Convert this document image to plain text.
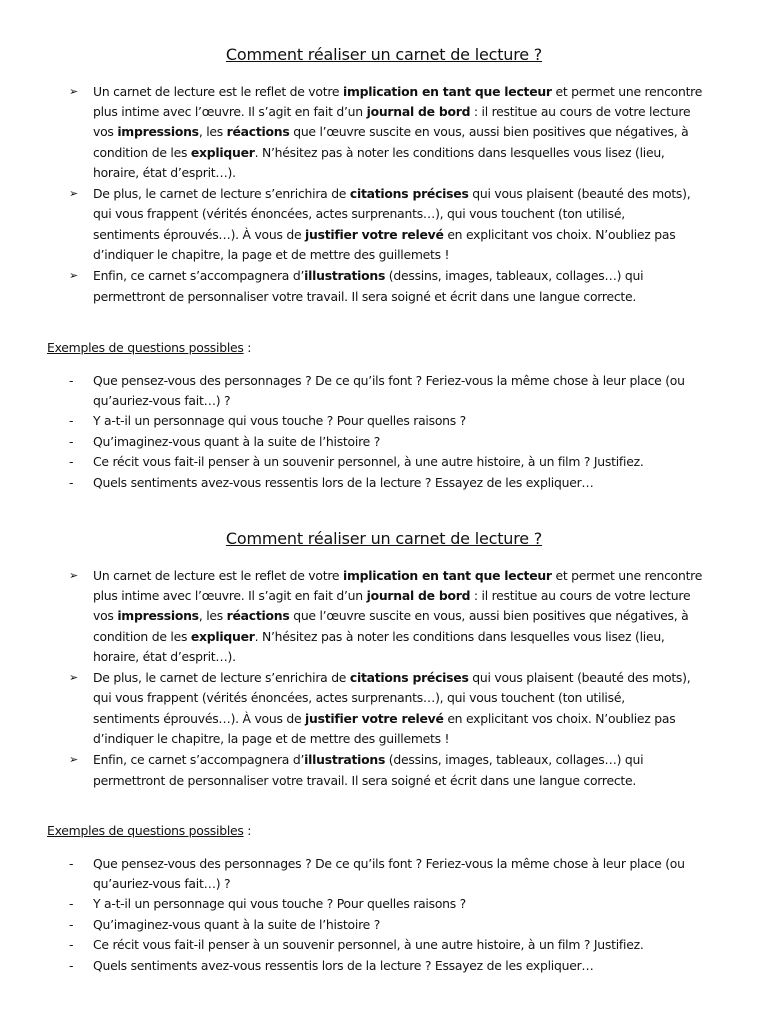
Comment réaliser un carnet de lecture ?
➢ Un carnet de lecture est le reflet de votre implication en tant que lecteur et permet une rencontre
plus intime avec l’œuvre. Il s’agit en fait d’un journal de bord : il restitue au cours de votre lecture
vos impressions, les réactions que l’œuvre suscite en vous, aussi bien positives que négatives, à
condition de les expliquer. N’hésitez pas à noter les conditions dans lesquelles vous lisez (lieu,
horaire, état d’esprit…).
➢ De plus, le carnet de lecture s’enrichira de citations précises qui vous plaisent (beauté des mots),
qui vous frappent (vérités énoncées, actes surprenants…), qui vous touchent (ton utilisé,
sentiments éprouvés…). À vous de justifier votre relevé en explicitant vos choix. N’oubliez pas
d’indiquer le chapitre, la page et de mettre des guillemets !
➢ Enfin, ce carnet s’accompagnera d’illustrations (dessins, images, tableaux, collages…) qui
permettront de personnaliser votre travail. Il sera soigné et écrit dans une langue correcte.
Exemples de questions possibles :
- Que pensez-vous des personnages ? De ce qu’ils font ? Feriez-vous la même chose à leur place (ou
qu’auriez-vous fait…) ?
- Y a-t-il un personnage qui vous touche ? Pour quelles raisons ?
- Qu’imaginez-vous quant à la suite de l’histoire ?
- Ce récit vous fait-il penser à un souvenir personnel, à une autre histoire, à un film ? Justifiez.
- Quels sentiments avez-vous ressentis lors de la lecture ? Essayez de les expliquer…
Comment réaliser un carnet de lecture ?
➢ Un carnet de lecture est le reflet de votre implication en tant que lecteur et permet une rencontre
plus intime avec l’œuvre. Il s’agit en fait d’un journal de bord : il restitue au cours de votre lecture
vos impressions, les réactions que l’œuvre suscite en vous, aussi bien positives que négatives, à
condition de les expliquer. N’hésitez pas à noter les conditions dans lesquelles vous lisez (lieu,
horaire, état d’esprit…).
➢ De plus, le carnet de lecture s’enrichira de citations précises qui vous plaisent (beauté des mots),
qui vous frappent (vérités énoncées, actes surprenants…), qui vous touchent (ton utilisé,
sentiments éprouvés…). À vous de justifier votre relevé en explicitant vos choix. N’oubliez pas
d’indiquer le chapitre, la page et de mettre des guillemets !
➢ Enfin, ce carnet s’accompagnera d’illustrations (dessins, images, tableaux, collages…) qui
permettront de personnaliser votre travail. Il sera soigné et écrit dans une langue correcte.
Exemples de questions possibles :
- Que pensez-vous des personnages ? De ce qu’ils font ? Feriez-vous la même chose à leur place (ou
qu’auriez-vous fait…) ?
- Y a-t-il un personnage qui vous touche ? Pour quelles raisons ?
- Qu’imaginez-vous quant à la suite de l’histoire ?
- Ce récit vous fait-il penser à un souvenir personnel, à une autre histoire, à un film ? Justifiez.
- Quels sentiments avez-vous ressentis lors de la lecture ? Essayez de les expliquer…
